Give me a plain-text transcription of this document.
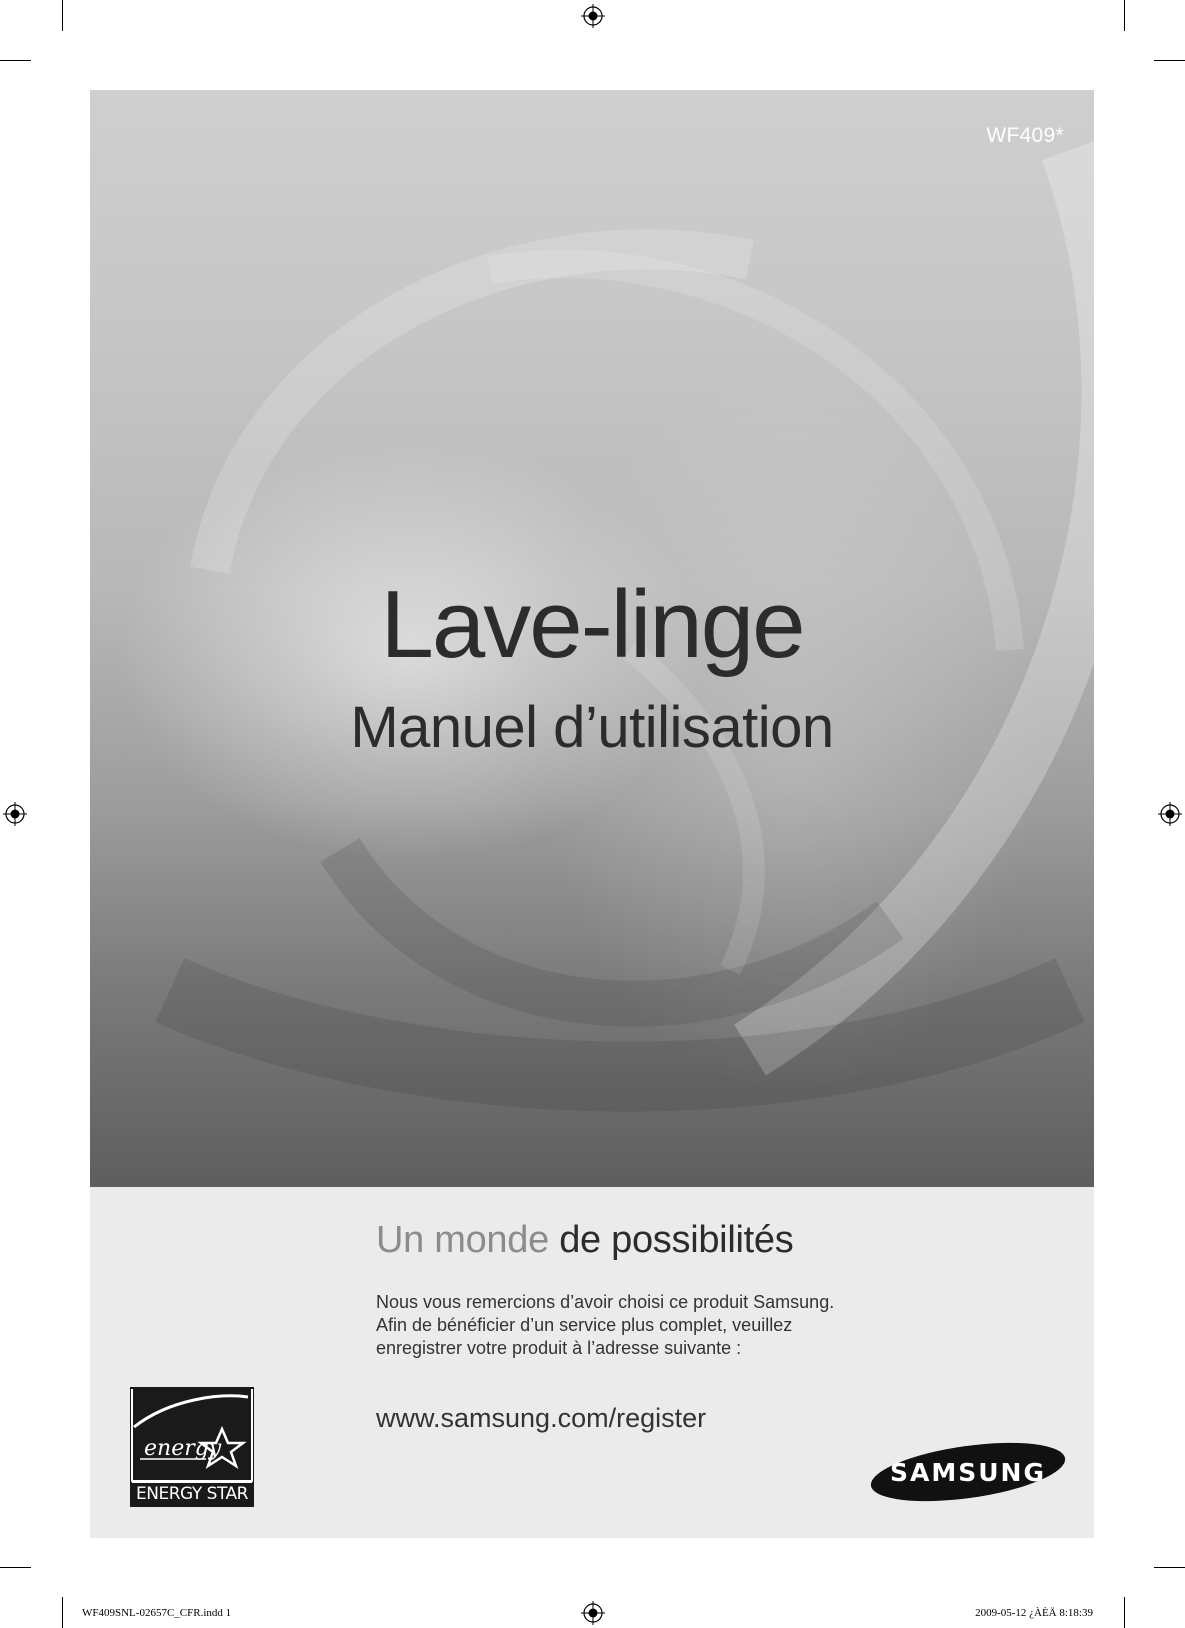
WF409*
Lave-linge
Manuel d’utilisation
Un monde de possibilités

Nous vous remercions d’avoir choisi ce produit Samsung.

Afin de bénéficier d’un service plus complet, veuillez enregistrer votre produit à l’adresse suivante :

www.samsung.com/register
energy
ENERGY STAR
SAMSUNG
WF409SNL-02657C_CFR.indd 1	2009-05-12 ¿ÀÈÄ 8:18:39
